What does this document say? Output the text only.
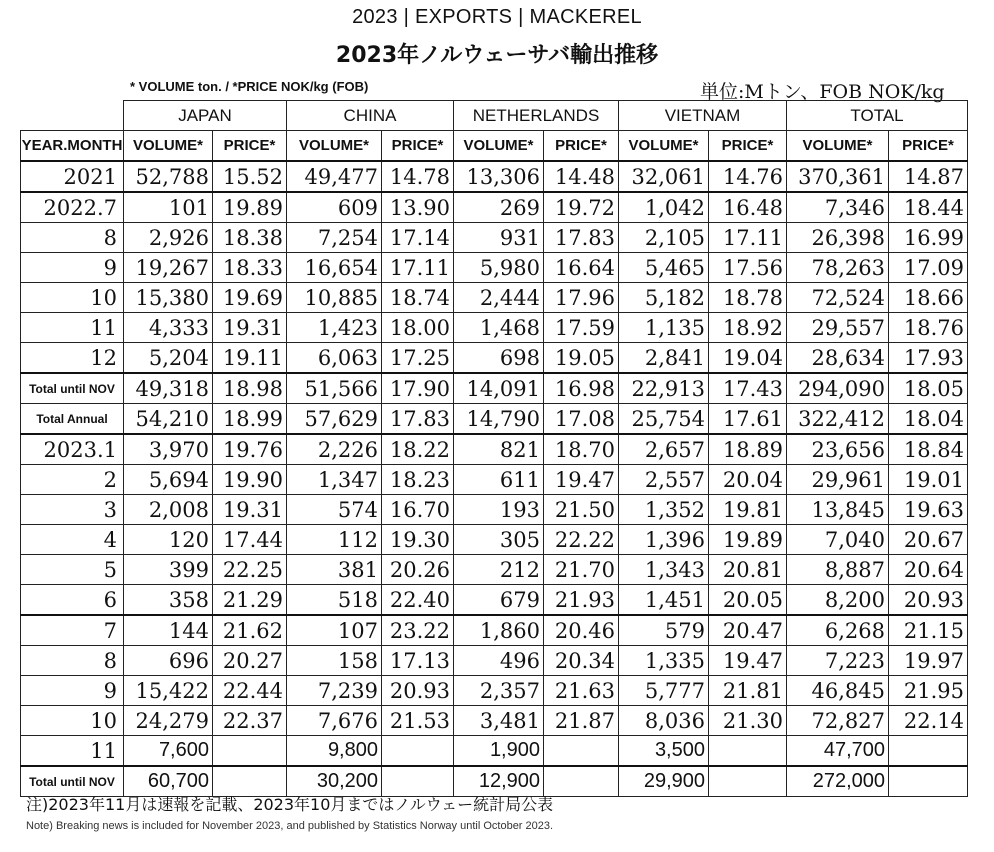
2023 | EXPORTS | MACKEREL
2023年ノルウェーサバ輸出推移
* VOLUME ton. / *PRICE NOK/kg (FOB)	単位:Mトン、FOB NOK/kg
	JAPAN		CHINA		NETHERLANDS		VIETNAM		TOTAL	
YEAR.MONTH	VOLUME*	PRICE*	VOLUME*	PRICE*	VOLUME*	PRICE*	VOLUME*	PRICE*	VOLUME*	PRICE*
2021	52,788	15.52	49,477	14.78	13,306	14.48	32,061	14.76	370,361	14.87
2022.7	101	19.89	609	13.90	269	19.72	1,042	16.48	7,346	18.44
8	2,926	18.38	7,254	17.14	931	17.83	2,105	17.11	26,398	16.99
9	19,267	18.33	16,654	17.11	5,980	16.64	5,465	17.56	78,263	17.09
10	15,380	19.69	10,885	18.74	2,444	17.96	5,182	18.78	72,524	18.66
11	4,333	19.31	1,423	18.00	1,468	17.59	1,135	18.92	29,557	18.76
12	5,204	19.11	6,063	17.25	698	19.05	2,841	19.04	28,634	17.93
Total until NOV	49,318	18.98	51,566	17.90	14,091	16.98	22,913	17.43	294,090	18.05
Total Annual	54,210	18.99	57,629	17.83	14,790	17.08	25,754	17.61	322,412	18.04
2023.1	3,970	19.76	2,226	18.22	821	18.70	2,657	18.89	23,656	18.84
2	5,694	19.90	1,347	18.23	611	19.47	2,557	20.04	29,961	19.01
3	2,008	19.31	574	16.70	193	21.50	1,352	19.81	13,845	19.63
4	120	17.44	112	19.30	305	22.22	1,396	19.89	7,040	20.67
5	399	22.25	381	20.26	212	21.70	1,343	20.81	8,887	20.64
6	358	21.29	518	22.40	679	21.93	1,451	20.05	8,200	20.93
7	144	21.62	107	23.22	1,860	20.46	579	20.47	6,268	21.15
8	696	20.27	158	17.13	496	20.34	1,335	19.47	7,223	19.97
9	15,422	22.44	7,239	20.93	2,357	21.63	5,777	21.81	46,845	21.95
10	24,279	22.37	7,676	21.53	3,481	21.87	8,036	21.30	72,827	22.14
11	7,600		9,800		1,900		3,500		47,700	
Total until NOV	60,700		30,200		12,900		29,900		272,000	
注)2023年11月は速報を記載、2023年10月まではノルウェー統計局公表
Note) Breaking news is included for November 2023, and published by Statistics Norway until October 2023.
